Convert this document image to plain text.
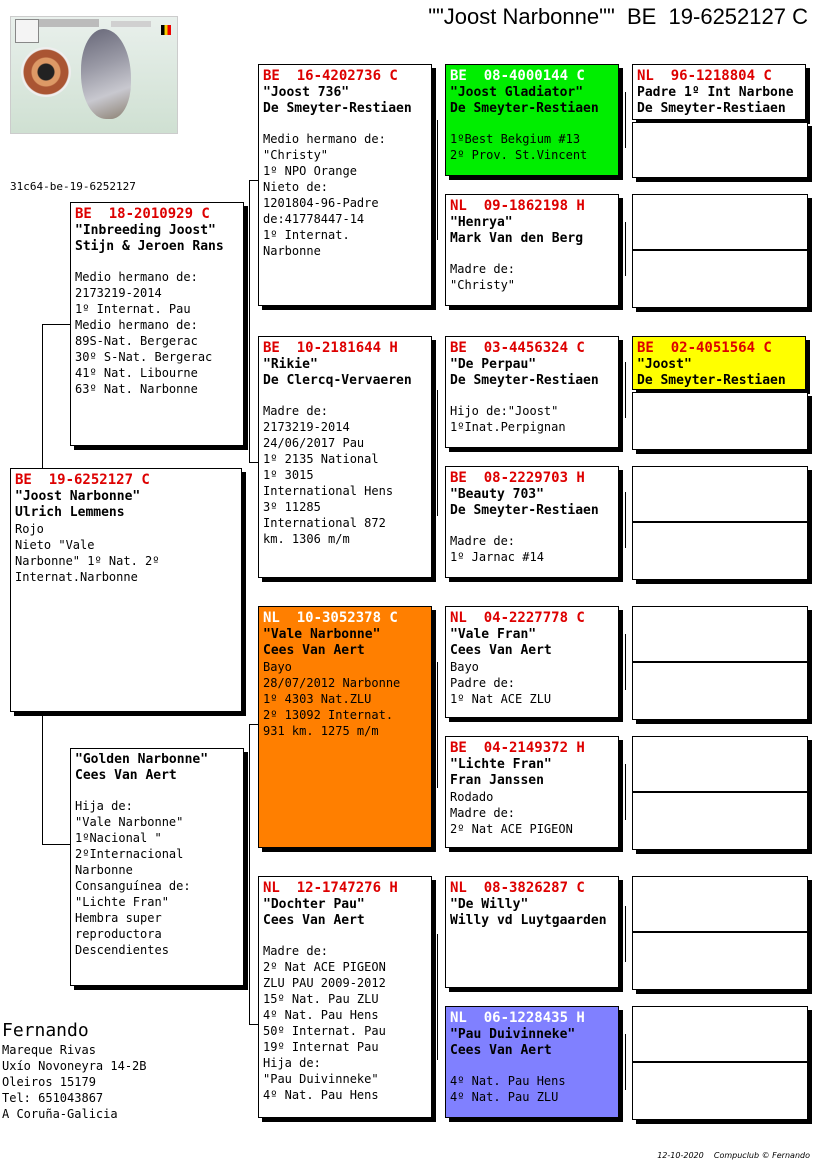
""Joost Narbonne""  BE  19-6252127 C
31c64-be-19-6252127
BE  19-6252127 C
"Joost Narbonne"
Ulrich Lemmens
Rojo
Nieto "Vale
Narbonne" 1º Nat. 2º
Internat.Narbonne
BE  18-2010929 C
"Inbreeding Joost"
Stijn & Jeroen Rans
Medio hermano de:
2173219-2014
1º Internat. Pau
Medio hermano de:
89S-Nat. Bergerac
30º S-Nat. Bergerac
41º Nat. Libourne
63º Nat. Narbonne
"Golden Narbonne"
Cees Van Aert
Hija de:
"Vale Narbonne"
1ºNacional "
2ºInternacional
Narbonne
Consanguínea de:
"Lichte Fran"
Hembra super
reproductora
Descendientes
BE  16-4202736 C
"Joost 736"
De Smeyter-Restiaen
Medio hermano de:
"Christy"
1º NPO Orange
Nieto de:
1201804-96-Padre
de:41778447-14
1º Internat.
Narbonne
BE  10-2181644 H
"Rikie"
De Clercq-Vervaeren
Madre de:
2173219-2014
24/06/2017 Pau
1º 2135 National
1º 3015
International Hens
3º 11285
International 872
km. 1306 m/m
NL  10-3052378 C
"Vale Narbonne"
Cees Van Aert
Bayo
28/07/2012 Narbonne
1º 4303 Nat.ZLU
2º 13092 Internat.
931 km. 1275 m/m
NL  12-1747276 H
"Dochter Pau"
Cees Van Aert
Madre de:
2º Nat ACE PIGEON
ZLU PAU 2009-2012
15º Nat. Pau ZLU
4º Nat. Pau Hens
50º Internat. Pau
19º Internat Pau
Hija de:
"Pau Duivinneke"
4º Nat. Pau Hens
BE  08-4000144 C
"Joost Gladiator"
De Smeyter-Restiaen
1ºBest Bekgium #13
2º Prov. St.Vincent
NL  09-1862198 H
"Henrya"
Mark Van den Berg
Madre de:
"Christy"
BE  03-4456324 C
"De Perpau"
De Smeyter-Restiaen
Hijo de:"Joost"
1ºInat.Perpignan
BE  08-2229703 H
"Beauty 703"
De Smeyter-Restiaen
Madre de:
1º Jarnac #14
NL  04-2227778 C
"Vale Fran"
Cees Van Aert
Bayo
Padre de:
1º Nat ACE ZLU
BE  04-2149372 H
"Lichte Fran"
Fran Janssen
Rodado
Madre de:
2º Nat ACE PIGEON
NL  08-3826287 C
"De Willy"
Willy vd Luytgaarden
NL  06-1228435 H
"Pau Duivinneke"
Cees Van Aert
4º Nat. Pau Hens
4º Nat. Pau ZLU
NL  96-1218804 C
Padre 1º Int Narbone
De Smeyter-Restiaen
BE  02-4051564 C
"Joost"
De Smeyter-Restiaen
Fernando
Mareque Rivas
Uxío Novoneyra 14-2B
Oleiros 15179
Tel: 651043867
A Coruña-Galicia
12-10-2020    Compuclub © Fernando
